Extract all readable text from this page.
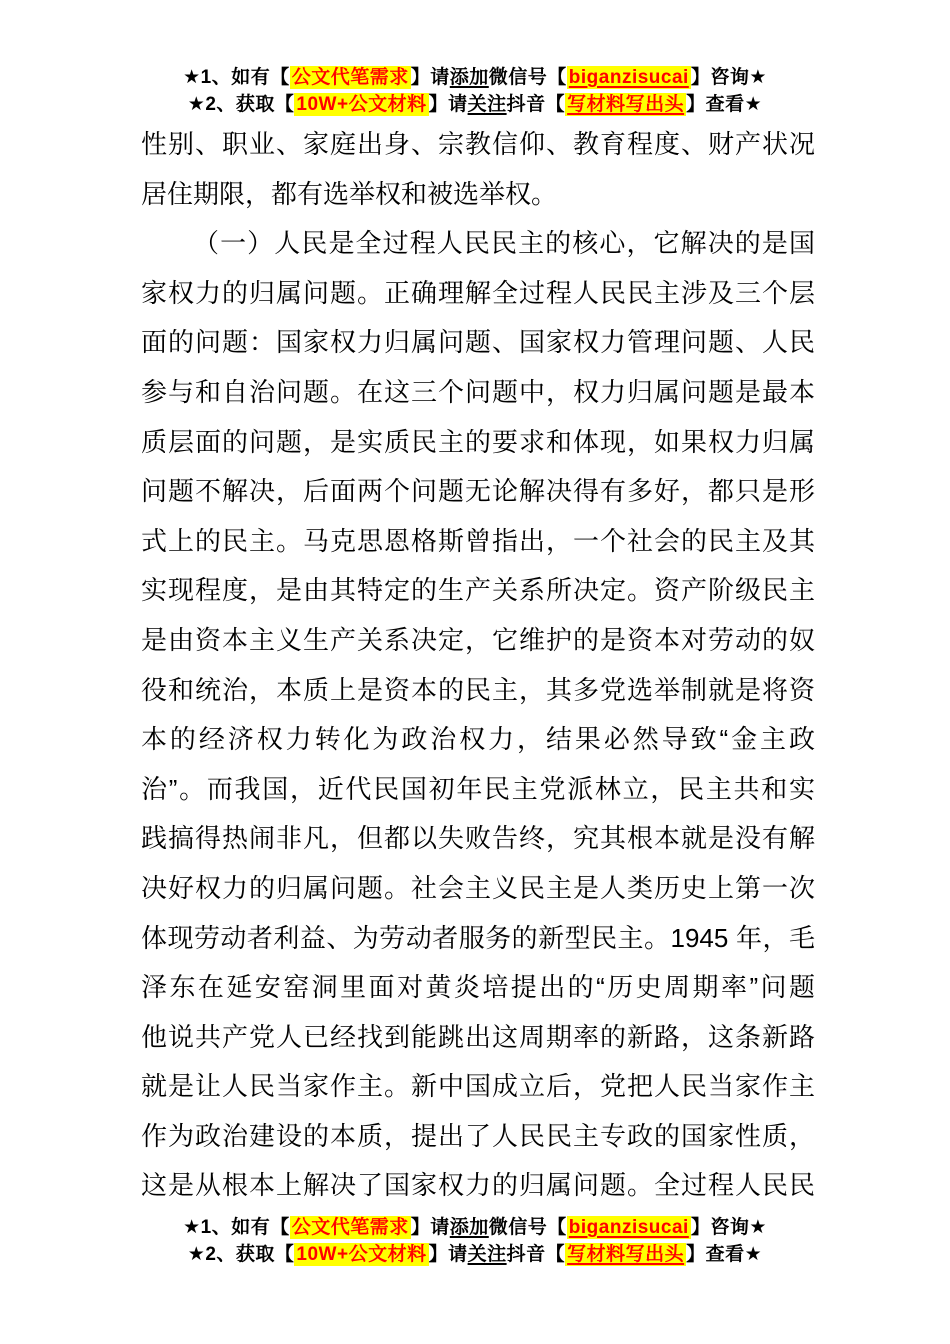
★1、如有【 公文代笔需求 】请添加微信号【 biganzisucai 】咨询★
★2、获取【 10W+公文材料 】请关注抖音【 写材料写出头 】查看★
性别、职业、家庭出身、宗教信仰、教育程度、财产状况
居住期限，都有选举权和被选举权。
（一）人民是全过程人民民主的核心，它解决的是国
家权力的归属问题。正确理解全过程人民民主涉及三个层
面的问题：国家权力归属问题、国家权力管理问题、人民
参与和自治问题。在这三个问题中，权力归属问题是最本
质层面的问题，是实质民主的要求和体现，如果权力归属
问题不解决，后面两个问题无论解决得有多好，都只是形
式上的民主。马克思恩格斯曾指出，一个社会的民主及其
实现程度，是由其特定的生产关系所决定。资产阶级民主
是由资本主义生产关系决定，它维护的是资本对劳动的奴
役和统治，本质上是资本的民主，其多党选举制就是将资
本的经济权力转化为政治权力，结果必然导致“金主政
治”。而我国，近代民国初年民主党派林立，民主共和实
践搞得热闹非凡，但都以失败告终，究其根本就是没有解
决好权力的归属问题。社会主义民主是人类历史上第一次
体现劳动者利益、为劳动者服务的新型民主。1945 年，毛
泽东在延安窑洞里面对黄炎培提出的“历史周期率”问题
他说共产党人已经找到能跳出这周期率的新路，这条新路
就是让人民当家作主。新中国成立后，党把人民当家作主
作为政治建设的本质，提出了人民民主专政的国家性质，
这是从根本上解决了国家权力的归属问题。全过程人民民
★1、如有【 公文代笔需求 】请添加微信号【 biganzisucai 】咨询★
★2、获取【 10W+公文材料 】请关注抖音【 写材料写出头 】查看★
